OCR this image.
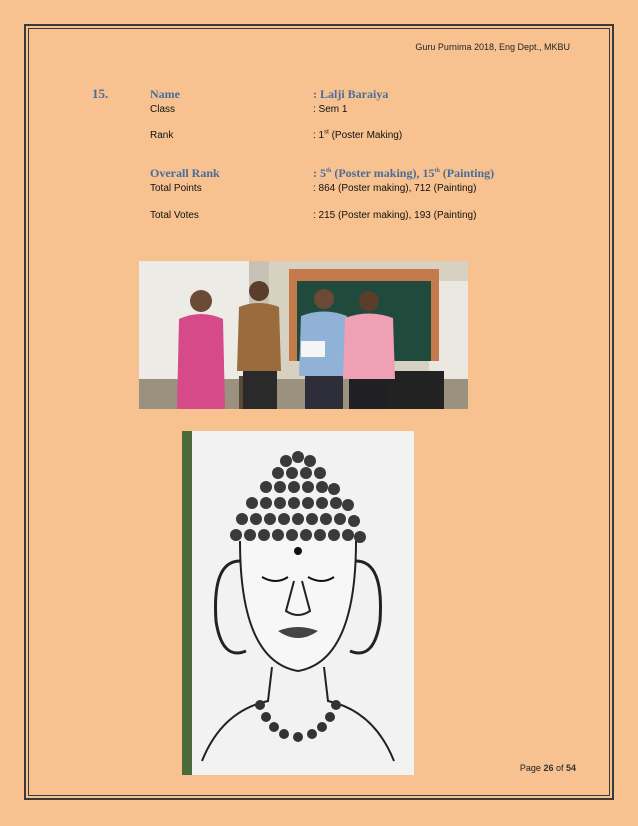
Guru Purnima 2018, Eng Dept., MKBU
15.	Name	: Lalji Baraiya
Class	: Sem 1
Rank	: 1st (Poster Making)
Overall Rank	: 5th (Poster making), 15th (Painting)
Total Points	: 864 (Poster making), 712 (Painting)
Total Votes	: 215 (Poster making), 193 (Painting)
Page 26 of 54
